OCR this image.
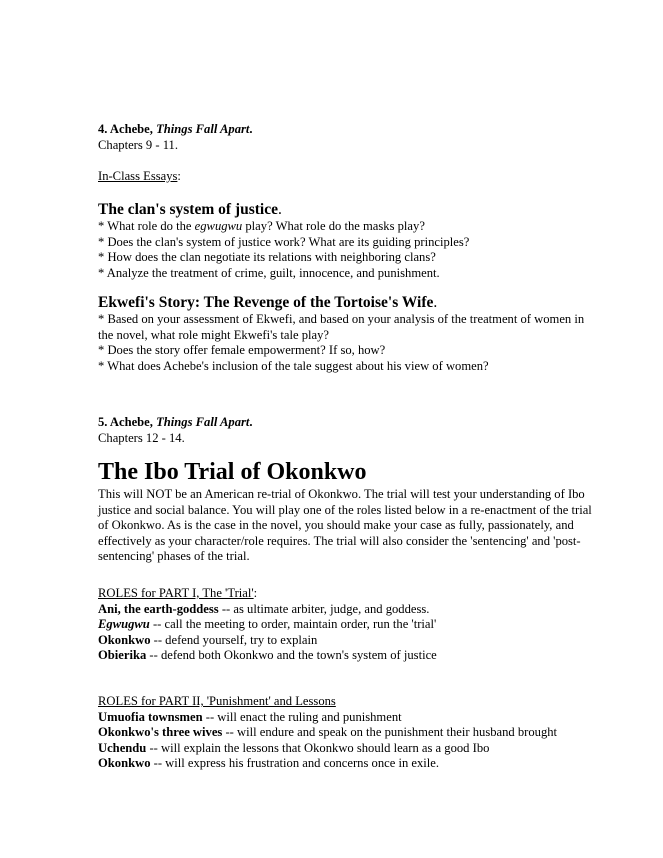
4. Achebe, Things Fall Apart.
Chapters 9 - 11.
In-Class Essays:
The clan's system of justice.
* What role do the egwugwu play? What role do the masks play?
* Does the clan's system of justice work? What are its guiding principles?
* How does the clan negotiate its relations with neighboring clans?
* Analyze the treatment of crime, guilt, innocence, and punishment.
Ekwefi's Story: The Revenge of the Tortoise's Wife.
* Based on your assessment of Ekwefi, and based on your analysis of the treatment of women in
the novel, what role might Ekwefi's tale play?
* Does the story offer female empowerment? If so, how?
* What does Achebe's inclusion of the tale suggest about his view of women?
5. Achebe, Things Fall Apart.
Chapters 12 - 14.
The Ibo Trial of Okonkwo
This will NOT be an American re-trial of Okonkwo. The trial will test your understanding of Ibo
justice and social balance. You will play one of the roles listed below in a re-enactment of the trial
of Okonkwo. As is the case in the novel, you should make your case as fully, passionately, and
effectively as your character/role requires. The trial will also consider the 'sentencing' and 'post-
sentencing' phases of the trial.
ROLES for PART I, The 'Trial':
Ani, the earth-goddess -- as ultimate arbiter, judge, and goddess.
Egwugwu -- call the meeting to order, maintain order, run the 'trial'
Okonkwo -- defend yourself, try to explain
Obierika -- defend both Okonkwo and the town's system of justice
ROLES for PART II, 'Punishment' and Lessons
Umuofia townsmen -- will enact the ruling and punishment
Okonkwo's three wives -- will endure and speak on the punishment their husband brought
Uchendu -- will explain the lessons that Okonkwo should learn as a good Ibo
Okonkwo -- will express his frustration and concerns once in exile.
